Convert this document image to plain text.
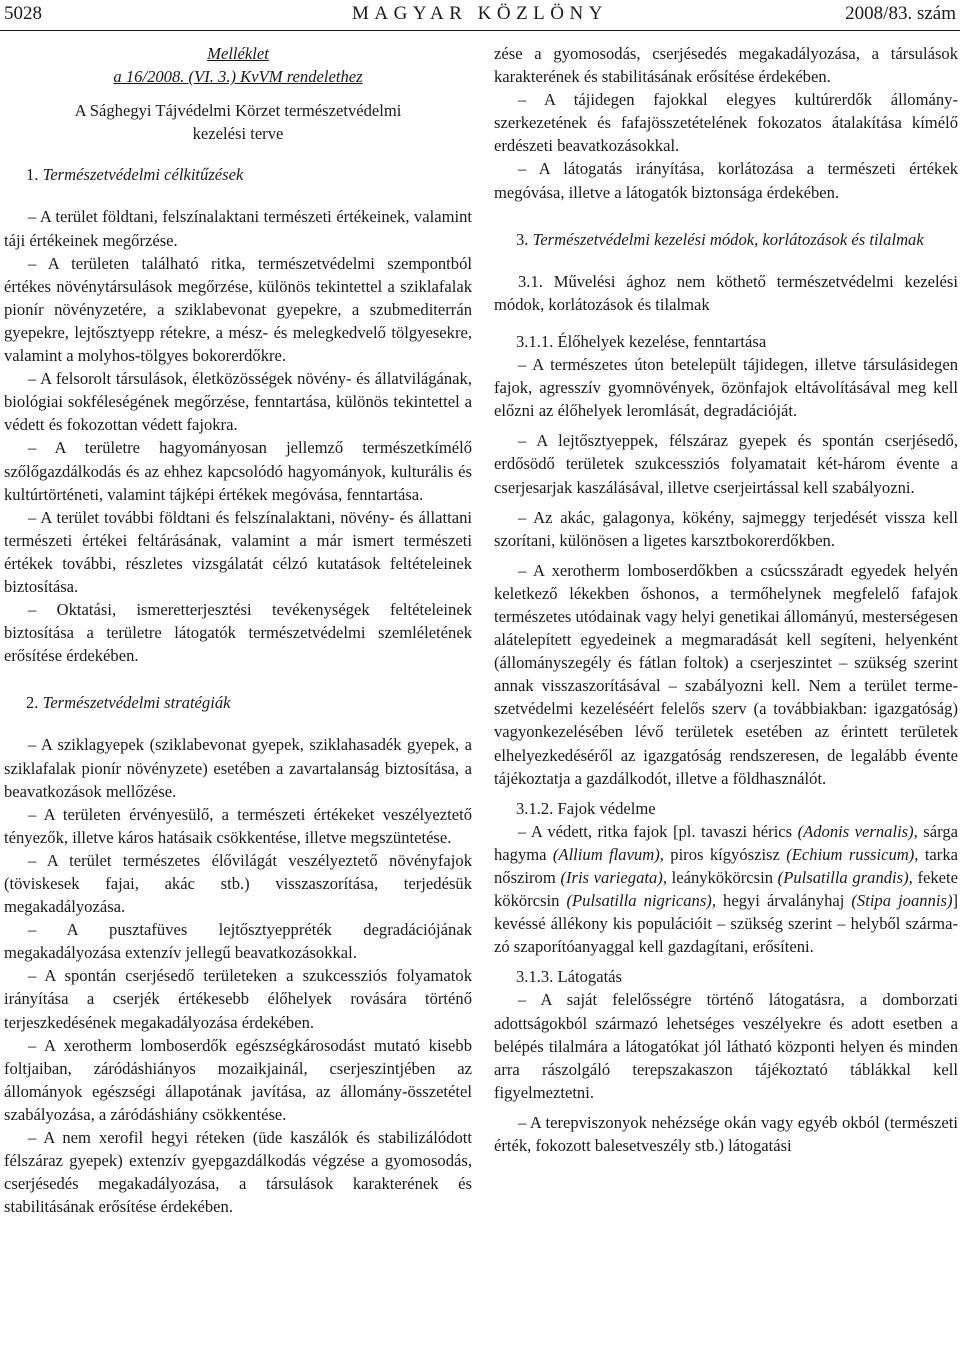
5028	MAGYAR KÖZLÖNY	2008/83. szám
Melléklet
a 16/2008. (VI. 3.) KvVM rendelethez
A Sághegyi Tájvédelmi Körzet természetvédelmi
kezelési terve
1. Természetvédelmi célkitűzések

– A terület földtani, felszínalaktani természeti értékeinek, valamint táji értékeinek megőrzése.

– A területen található ritka, természetvédelmi szempontból értékes növénytársulások megőrzése, különös tekintettel a sziklafalak pionír növényzetére, a sziklabevonat gyepekre, a szubmediterrán gyepekre, lejtősztyepp rétekre, a mész- és melegkedvelő tölgyesekre, valamint a molyhos-tölgyes bokorerdőkre.

– A felsorolt társulások, életközösségek növény- és állatvilágának, biológiai sokféleségének megőrzése, fenntartása, különös tekintettel a védett és fokozottan védett fajokra.

– A területre hagyományosan jellemző természetkímélő szőlőgazdálkodás és az ehhez kapcsolódó hagyományok, kulturális és kultúrtörténeti, valamint tájképi értékek megóvása, fenntartása.

– A terület további földtani és felszínalaktani, növény- és állattani természeti értékei feltárásának, valamint a már ismert természeti értékek további, részletes vizsgálatát célzó kutatások feltételeinek biztosítása.

– Oktatási, ismeretterjesztési tevékenységek feltételeinek biztosítása a területre látogatók természetvédelmi szemléletének erősítése érdekében.

2. Természetvédelmi stratégiák

– A sziklagyepek (sziklabevonat gyepek, sziklahasadék gyepek, a sziklafalak pionír növényzete) esetében a zavartalanság biztosítása, a beavatkozások mellőzése.

– A területen érvényesülő, a természeti értékeket veszélyeztető tényezők, illetve káros hatásaik csökkentése, illetve megszüntetése.

– A terület természetes élővilágát veszélyeztető növényfajok (töviskesek fajai, akác stb.) visszaszorítása, terjedésük megakadályozása.

– A pusztafüves lejtősztyeppréték degradációjának megakadályozása extenzív jellegű beavatkozásokkal.

– A spontán cserjésedő területeken a szukcessziós folyamatok irányítása a cserjék értékesebb élőhelyek rovására történő terjeszkedésének megakadályozása érdekében.

– A xerotherm lomboserdők egészségkárosodást mutató kisebb foltjaiban, záródáshiányos mozaikjainál, cserjeszintjében az állományok egészségi állapotának javítása, az állomány-összetétel szabályozása, a záródáshiány csökkentése.

– A nem xerofil hegyi réteken (üde kaszálók és stabilizálódott félszáraz gyepek) extenzív gyepgazdálkodás végzése a gyomosodás, cserjésedés megakadályozása, a társulások karakterének és stabilitásának erősítése érdekében.

zése a gyomosodás, cserjésedés megakadályozása, a társulások karakterének és stabilitásának erősítése érdekében.

– A tájidegen fajokkal elegyes kultúrerdők állományszerkezetének és fafajösszetételének fokozatos átalakítása kímélő erdészeti beavatkozásokkal.

– A látogatás irányítása, korlátozása a természeti értékek megóvása, illetve a látogatók biztonsága érdekében.

3. Természetvédelmi kezelési módok, korlátozások és tilalmak

3.1. Művelési ághoz nem köthető természetvédelmi kezelési módok, korlátozások és tilalmak

3.1.1. Élőhelyek kezelése, fenntartása

– A természetes úton betelepült tájidegen, illetve társulásidegen fajok, agresszív gyomnövények, özönfajok eltávolításával meg kell előzni az élőhelyek leromlását, degradációját.

– A lejtősztyeppek, félszáraz gyepek és spontán cserjésedő, erdősödő területek szukcessziós folyamatait két-három évente a cserjesarjak kaszálásával, illetve cserjeirtással kell szabályozni.

– Az akác, galagonya, kökény, sajmeggy terjedését vissza kell szorítani, különösen a ligetes karsztbokorerdőkben.

– A xerotherm lomboserdőkben a csúcsszáradt egyedek helyén keletkező lékekben őshonos, a termőhelynek megfelelő fafajok természetes utódainak vagy helyi genetikai állományú, mesterségesen alátelepített egyedeinek a megmaradását kell segíteni, helyenként (állományszegély és fátlan foltok) a cserjeszintet – szükség szerint annak visszaszorításával – szabályozni kell. Nem a terület termeszetvédelmi kezeléséért felelős szerv (a továbbiakban: igazgatóság) vagyonkezelésében lévő területek esetében az érintett területek elhelyezkedéséről az igazgatóság rendszeresen, de legalább évente tájékoztatja a gazdálkodót, illetve a földhasználót.

3.1.2. Fajok védelme

– A védett, ritka fajok [pl. tavaszi hérics (Adonis vernalis), sárga hagyma (Allium flavum), piros kígyószisz (Echium russicum), tarka nőszirom (Iris variegata), leánykökörcsin (Pulsatilla grandis), fekete kökörcsin (Pulsatilla nigricans), hegyi árvalányhaj (Stipa joannis)] kevéssé állékony kis populációit – szükség szerint – helyből származó szaporítóanyaggal kell gazdagítani, erősíteni.

3.1.3. Látogatás

– A saját felelősségre történő látogatásra, a domborzati adottságokból származó lehetséges veszélyekre és adott esetben a belépés tilalmára a látogatókat jól látható központi helyen és minden arra rászolgáló terepszakaszon tájékoztató táblákkal kell figyelmeztetni.

– A terepviszonyok nehézsége okán vagy egyéb okból (természeti érték, fokozott balesetveszély stb.) látogatási
